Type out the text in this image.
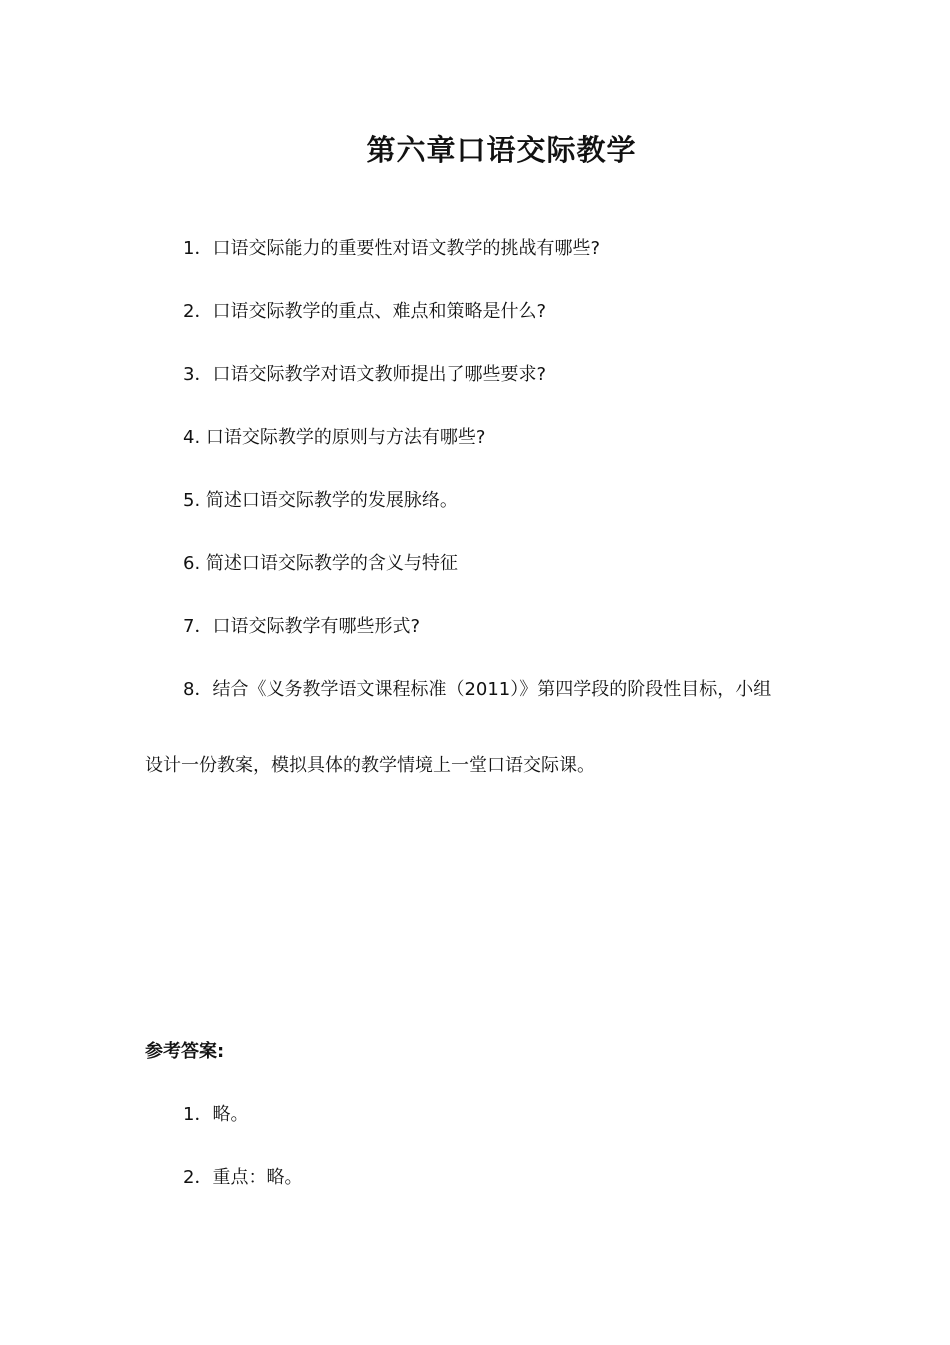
第六章口语交际教学
1．口语交际能力的重要性对语文教学的挑战有哪些?
2．口语交际教学的重点、难点和策略是什么?
3．口语交际教学对语文教师提出了哪些要求?
4. 口语交际教学的原则与方法有哪些?
5. 简述口语交际教学的发展脉络。
6. 简述口语交际教学的含义与特征
7．口语交际教学有哪些形式?
8．结合《义务教学语文课程标准（2011）》第四学段的阶段性目标，小组
设计一份教案，模拟具体的教学情境上一堂口语交际课。
参考答案:
1．略。
2．重点：略。
